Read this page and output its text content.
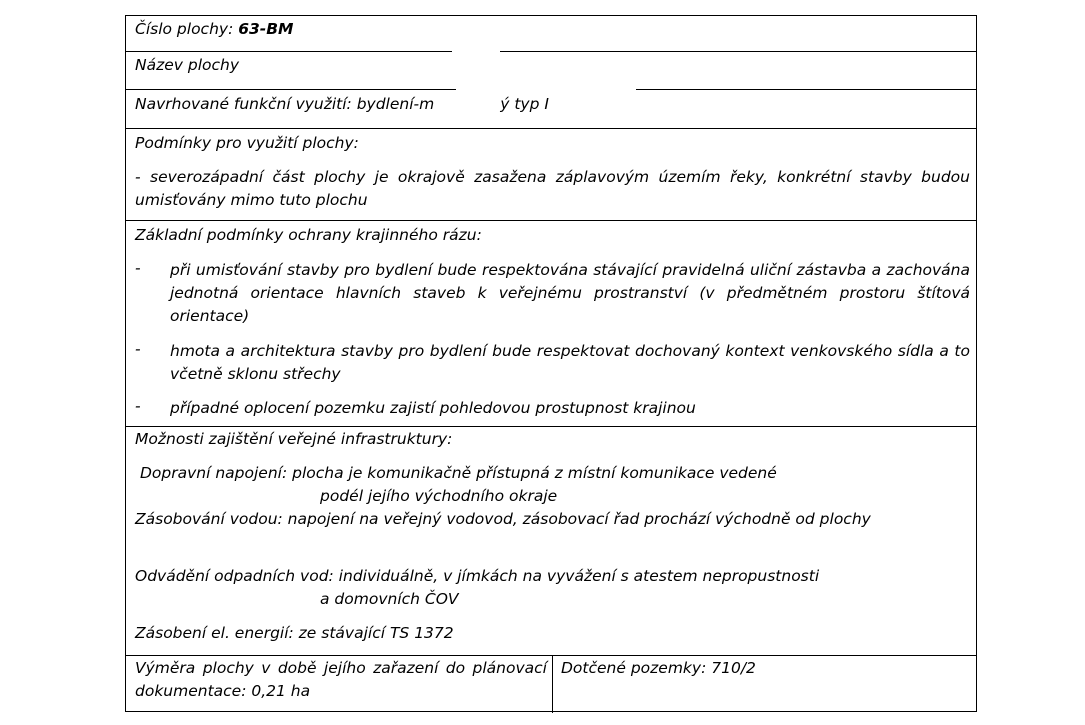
Číslo plochy: 63-BM

Název plochy

Navrhované funkční využití: bydlení-m	ý typ I

Podmínky pro využití plochy:

- severozápadní část plochy je okrajově zasažena záplavovým územím řeky, konkrétní stavby budou umisťovány mimo tuto plochu

Základní podmínky ochrany krajinného rázu:

- při umisťování stavby pro bydlení bude respektována stávající pravidelná uliční zástavba a zachována jednotná orientace hlavních staveb k veřejnému prostranství (v předmětném prostoru štítová orientace)

- hmota a architektura stavby pro bydlení bude respektovat dochovaný kontext venkovského sídla a to včetně sklonu střechy

- případné oplocení pozemku zajistí pohledovou prostupnost krajinou

Možnosti zajištění veřejné infrastruktury:

Dopravní napojení: plocha je komunikačně přístupná z místní komunikace vedené

podél jejího východního okraje

Zásobování vodou: napojení na veřejný vodovod, zásobovací řad prochází východně od plochy

Odvádění odpadních vod: individuálně, v jímkách na vyvážení s atestem nepropustnosti

a domovních ČOV

Zásobení el. energií: ze stávající TS 1372

Výměra plochy v době jejího zařazení do plánovací dokumentace: 0,21 ha

Dotčené pozemky: 710/2
